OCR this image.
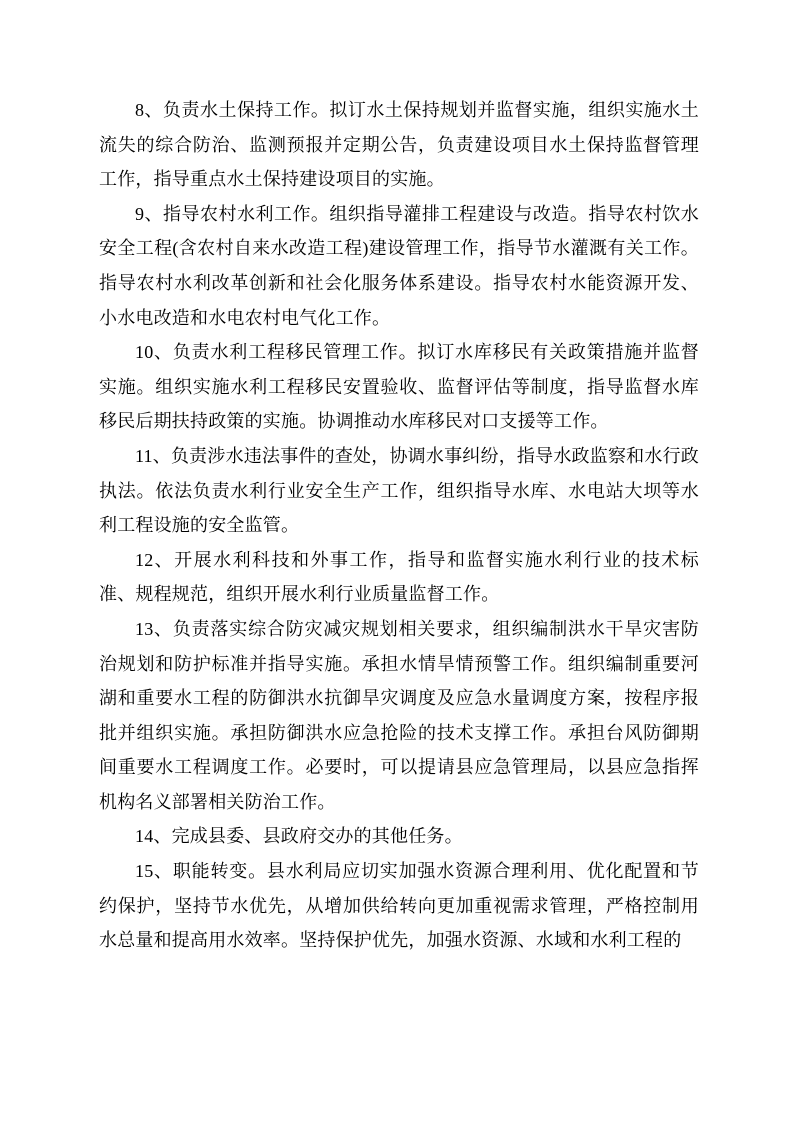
8、负责水土保持工作。拟订水土保持规划并监督实施，组织实施水土流失的综合防治、监测预报并定期公告，负责建设项目水土保持监督管理工作，指导重点水土保持建设项目的实施。

9、指导农村水利工作。组织指导灌排工程建设与改造。指导农村饮水安全工程(含农村自来水改造工程)建设管理工作，指导节水灌溉有关工作。指导农村水利改革创新和社会化服务体系建设。指导农村水能资源开发、小水电改造和水电农村电气化工作。

10、负责水利工程移民管理工作。拟订水库移民有关政策措施并监督实施。组织实施水利工程移民安置验收、监督评估等制度，指导监督水库移民后期扶持政策的实施。协调推动水库移民对口支援等工作。

11、负责涉水违法事件的查处，协调水事纠纷，指导水政监察和水行政执法。依法负责水利行业安全生产工作，组织指导水库、水电站大坝等水利工程设施的安全监管。

12、开展水利科技和外事工作，指导和监督实施水利行业的技术标准、规程规范，组织开展水利行业质量监督工作。

13、负责落实综合防灾减灾规划相关要求，组织编制洪水干旱灾害防治规划和防护标准并指导实施。承担水情旱情预警工作。组织编制重要河湖和重要水工程的防御洪水抗御旱灾调度及应急水量调度方案，按程序报批并组织实施。承担防御洪水应急抢险的技术支撑工作。承担台风防御期间重要水工程调度工作。必要时，可以提请县应急管理局，以县应急指挥机构名义部署相关防治工作。

14、完成县委、县政府交办的其他任务。

15、职能转变。县水利局应切实加强水资源合理利用、优化配置和节约保护，坚持节水优先，从增加供给转向更加重视需求管理，严格控制用水总量和提高用水效率。坚持保护优先，加强水资源、水域和水利工程的
